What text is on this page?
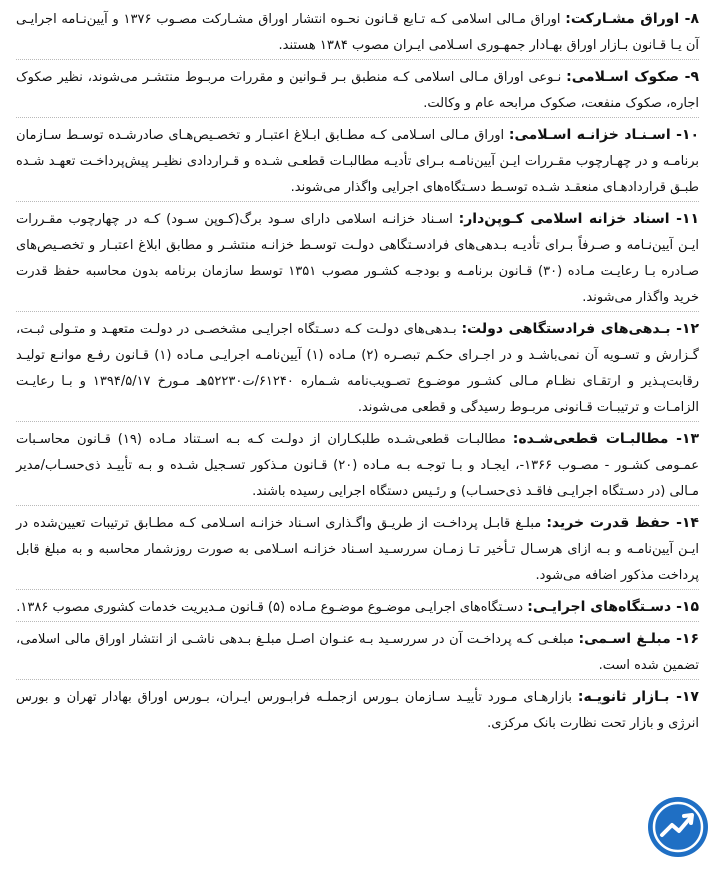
۸- اوراق مشـارکت: اوراق مـالی اسلامی کـه تـابع قـانون نحـوه انتشار اوراق مشـارکت مصـوب ۱۳۷۶ و آیین‌نـامه اجرایـی آن یـا قـانون بـازار اوراق بهـادار جمهـوری اسـلامی ایـران مصوب ۱۳۸۴ هستند.

۹- صکوک اسـلامی: نـوعی اوراق مـالی اسلامی کـه منطبق بـر قـوانین و مقررات مربـوط منتشـر می‌شوند، نظیر صکوک اجاره، صکوک منفعت، صکوک مرابحه عام و وکالت.

۱۰- اسـنـاد خزانـه اسـلامی: اوراق مـالی اسـلامی کـه مطـابق ابـلاغ اعتبـار و تخصـیص‌هـای صادرشـده توسـط سـازمان برنامـه و در چهـارچوب مقـررات ایـن آیین‌نامـه بـرای تأدیـه مطالبـات قطعـی شـده و قـراردادی نظیـر پیش‌پرداخـت تعهـد شـده طبـق قراردادهـای منعقـد شـده توسـط دسـتگاه‌های اجرایی واگذار می‌شوند.

۱۱- اسناد خزانه اسلامی کـوپن‌دار: اسـناد خزانـه اسلامی دارای سـود برگ(کـوپن سـود) کـه در چهارچوب مقـررات ایـن آیین‌نـامه و صـرفاً بـرای تأدیـه بـدهی‌های فرادسـتگاهی دولـت توسـط خزانـه منتشـر و مطابق ابلاغ اعتبـار و تخصـیص‌های صـادره بـا رعایـت مـاده (۳۰) قـانون برنامـه و بودجـه کشـور مصوب ۱۳۵۱ توسط سازمان برنامه بدون محاسبه حفظ قدرت خرید واگذار می‌شوند.

۱۲- بـدهی‌های فرادستگاهی دولت: بـدهی‌های دولـت کـه دسـتگاه اجرایـی مشخصـی در دولـت متعهـد و متـولی ثبـت، گـزارش و تسـویه آن نمی‌باشـد و در اجـرای حکـم تبصـره (۲) مـاده (۱) آیین‌نامـه اجرایـی مـاده (۱) قـانون رفـع موانـع تولیـد رقابت‌پـذیر و ارتقـای نظـام مـالی کشـور موضـوع تصـویب‌نامه شـماره ۶۱۲۴۰/ت۵۲۲۳۰هـ مـورخ ۱۳۹۴/۵/۱۷ و بـا رعایـت الزامـات و ترتیبـات قـانونی مربـوط رسیدگی و قطعی می‌شوند.

۱۳- مطالبـات قطعی‌شـده: مطالبـات قطعی‌شـده طلبکـاران از دولـت کـه بـه اسـتناد مـاده (۱۹) قـانون محاسـبات عمـومی کشـور - مصـوب ۱۳۶۶-، ایجـاد و بـا توجـه بـه مـاده (۲۰) قـانون مـذکور تسـجیل شـده و بـه تأییـد ذی‌حسـاب/مدیر مـالی (در دسـتگاه اجرایـی فاقـد ذی‌حسـاب) و رئـیس دستگاه اجرایی رسیده باشند.

۱۴- حفظ قدرت خرید: مبلـغ قابـل پرداخـت از طریـق واگـذاری اسـناد خزانـه اسـلامی کـه مطـابق ترتیبات تعیین‌شده در ایـن آیین‌نامـه و بـه ازای هرسـال تـأخیر تـا زمـان سررسـید اسـناد خزانـه اسـلامی به صورت روزشمار محاسبه و به مبلغ قابل پرداخت مذکور اضافه می‌شود.

۱۵- دسـتگاه‌های اجرایـی: دسـتگاه‌های اجرایـی موضـوع موضـوع مـاده (۵) قـانون مـدیریت خدمات کشوری مصوب ۱۳۸۶.

۱۶- مبلـغ اسـمی: مبلغـی کـه پرداخـت آن در سررسـید بـه عنـوان اصـل مبلـغ بـدهی ناشـی از انتشار اوراق مالی اسلامی، تضمین شده است.

۱۷- بـازار ثانویـه: بازارهـای مـورد تأییـد سـازمان بـورس ازجملـه فرابـورس ایـران، بـورس اوراق بهادار تهران و بورس انرژی و بازار تحت نظارت بانک مرکزی.
